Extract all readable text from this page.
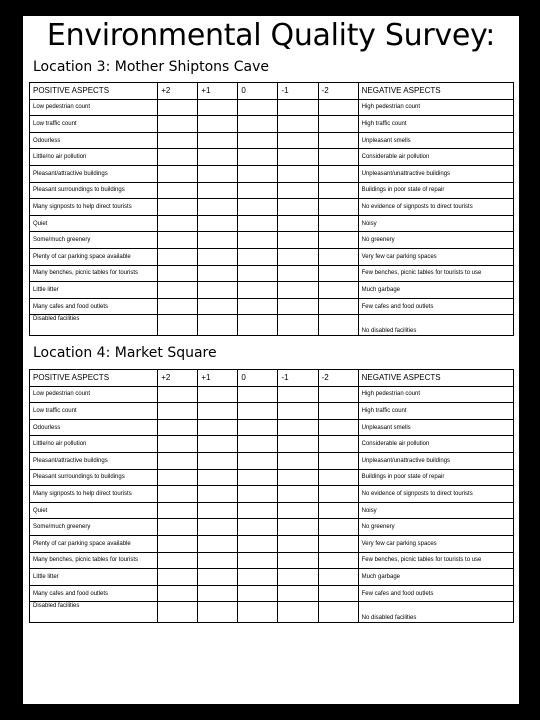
Environmental Quality Survey:
Location 3: Mother Shiptons Cave
POSITIVE ASPECTS	+2	+1	0	-1	-2	NEGATIVE ASPECTS
Low pedestrian count						High pedestrian count
Low traffic count						High traffic count
Odourless						Unpleasant smells
Little/no air pollution						Considerable air pollution
Pleasant/attractive buildings						Unpleasant/unattractive buildings
Pleasant surroundings to buildings						Buildings in poor state of repair
Many signposts to help direct tourists						No evidence of signposts to direct tourists
Quiet						Noisy
Some/much greenery						No greenery
Plenty of car parking space available						Very few car parking spaces
Many benches, picnic tables for tourists						Few benches, picnic tables for tourists to use
Little litter						Much garbage
Many cafes and food outlets						Few cafes and food outlets
Disabled facilities						No disabled facilities
Location 4: Market Square
POSITIVE ASPECTS	+2	+1	0	-1	-2	NEGATIVE ASPECTS
Low pedestrian count						High pedestrian count
Low traffic count						High traffic count
Odourless						Unpleasant smells
Little/no air pollution						Considerable air pollution
Pleasant/attractive buildings						Unpleasant/unattractive buildings
Pleasant surroundings to buildings						Buildings in poor state of repair
Many signposts to help direct tourists						No evidence of signposts to direct tourists
Quiet						Noisy
Some/much greenery						No greenery
Plenty of car parking space available						Very few car parking spaces
Many benches, picnic tables for tourists						Few benches, picnic tables for tourists to use
Little litter						Much garbage
Many cafes and food outlets						Few cafes and food outlets
Disabled facilities						No disabled facilities
